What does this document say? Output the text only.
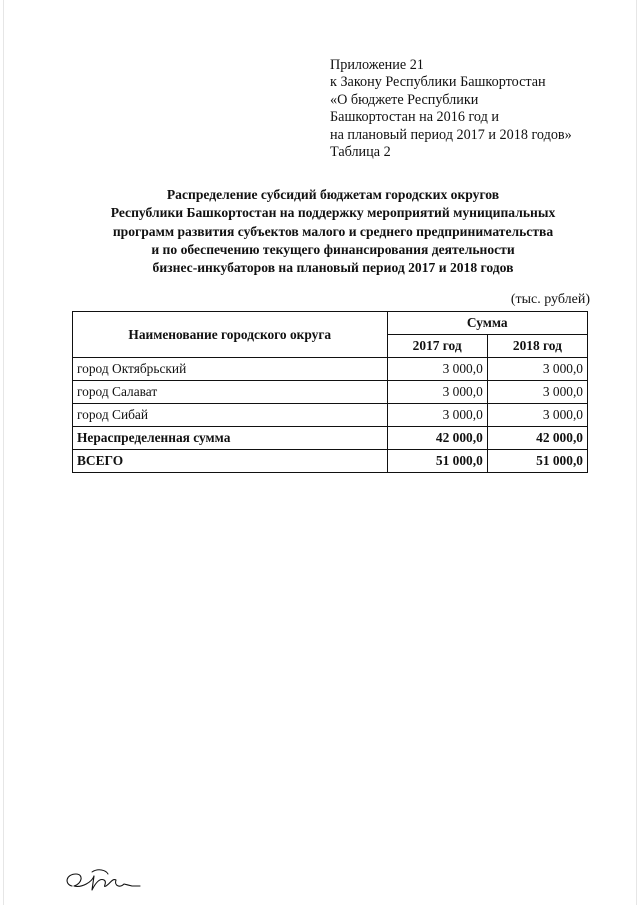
Приложение 21
к Закону Республики Башкортостан
«О бюджете Республики
Башкортостан на 2016 год и
на плановый период 2017 и 2018 годов»
Таблица 2
Распределение субсидий бюджетам городских округов
Республики Башкортостан на поддержку мероприятий муниципальных
программ развития субъектов малого и среднего предпринимательства
и по обеспечению текущего финансирования деятельности
бизнес-инкубаторов на плановый период 2017 и 2018 годов
(тыс. рублей)
Наименование городского округа	Сумма	
	2017 год	2018 год
город Октябрьский	3 000,0	3 000,0
город Салават	3 000,0	3 000,0
город Сибай	3 000,0	3 000,0
Нераспределенная сумма	42 000,0	42 000,0
ВСЕГО	51 000,0	51 000,0
